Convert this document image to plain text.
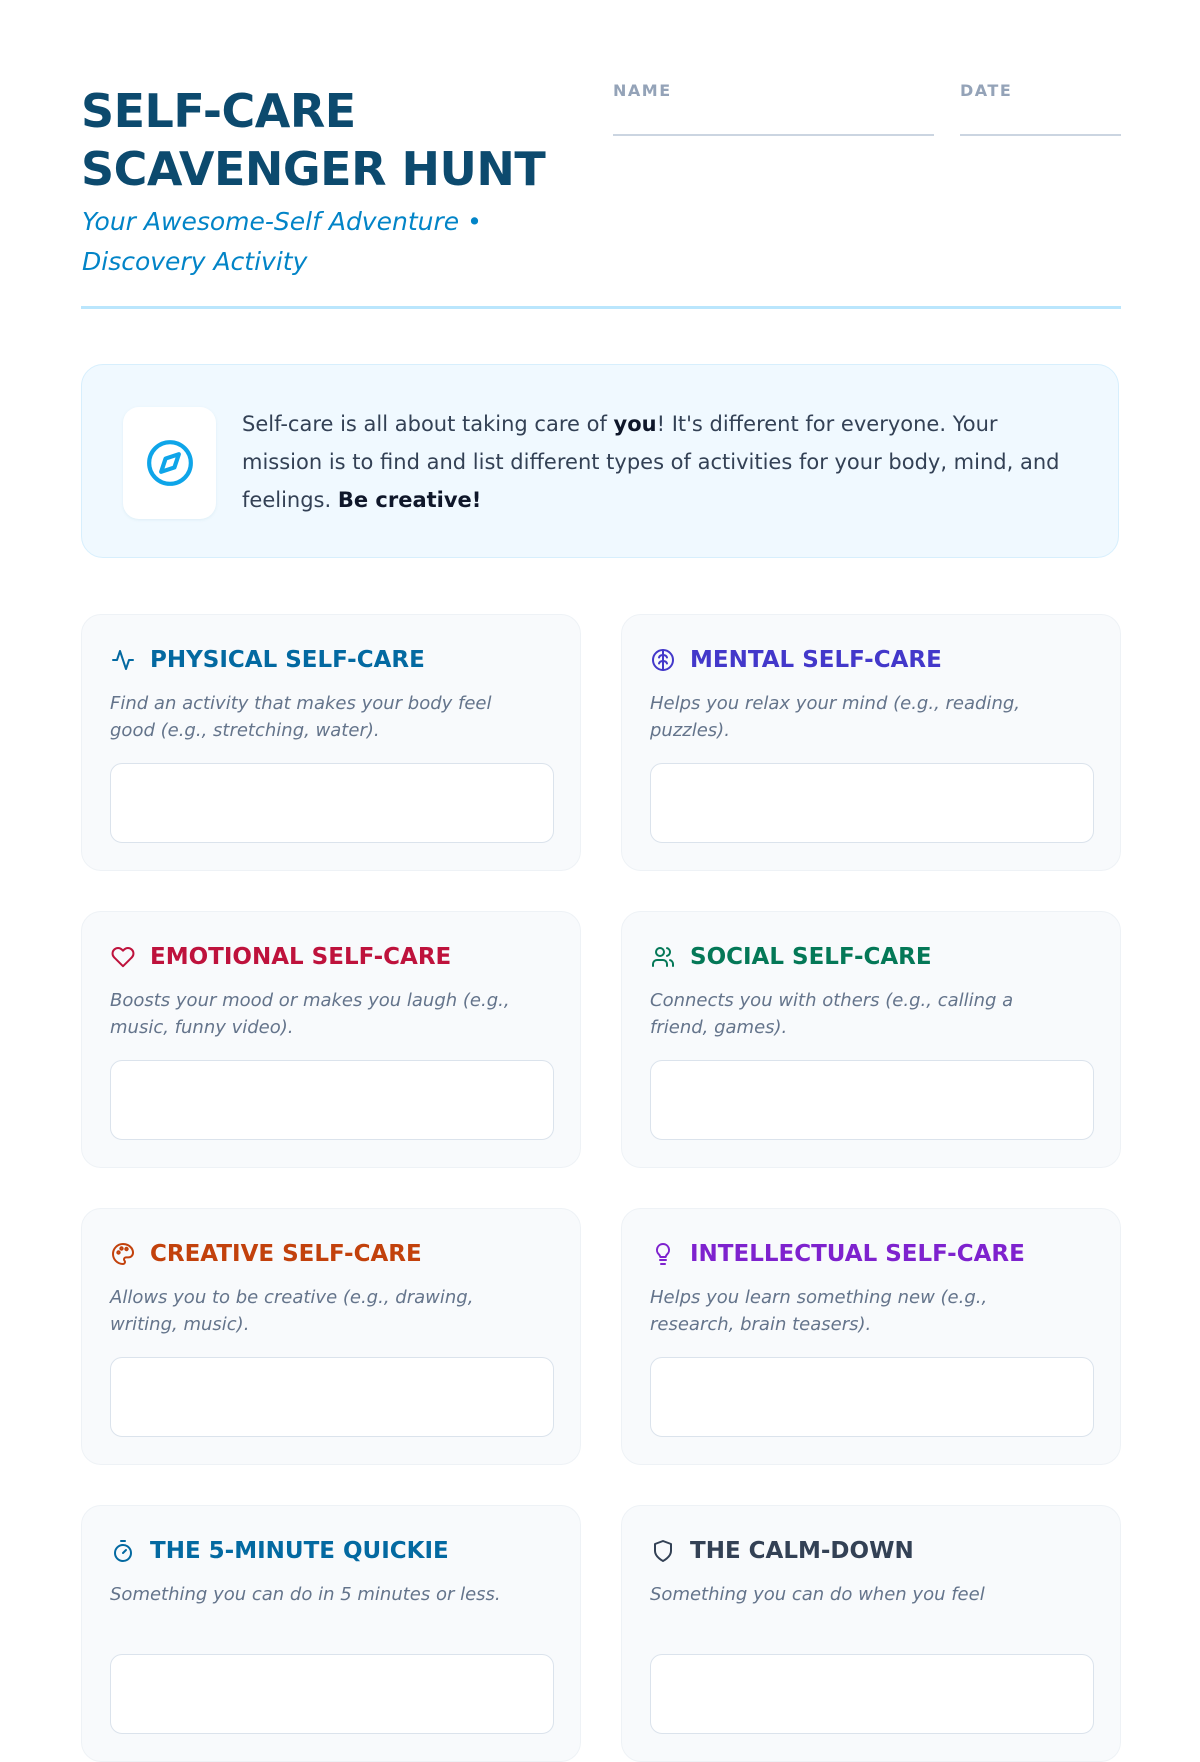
SELF-CARE
SCAVENGER HUNT
Your Awesome-Self Adventure • Discovery Activity
NAME	DATE

Self-care is all about taking care of you! It's different for everyone. Your mission is to find and list different types of activities for your body, mind, and feelings. Be creative!

PHYSICAL SELF-CARE

Find an activity that makes your body feel good (e.g., stretching, water).

MENTAL SELF-CARE

Helps you relax your mind (e.g., reading, puzzles).

EMOTIONAL SELF-CARE

Boosts your mood or makes you laugh (e.g., music, funny video).

SOCIAL SELF-CARE

Connects you with others (e.g., calling a friend, games).

CREATIVE SELF-CARE

Allows you to be creative (e.g., drawing, writing, music).

INTELLECTUAL SELF-CARE

Helps you learn something new (e.g., research, brain teasers).

THE 5-MINUTE QUICKIE

Something you can do in 5 minutes or less.

THE CALM-DOWN

Something you can do when you feel
